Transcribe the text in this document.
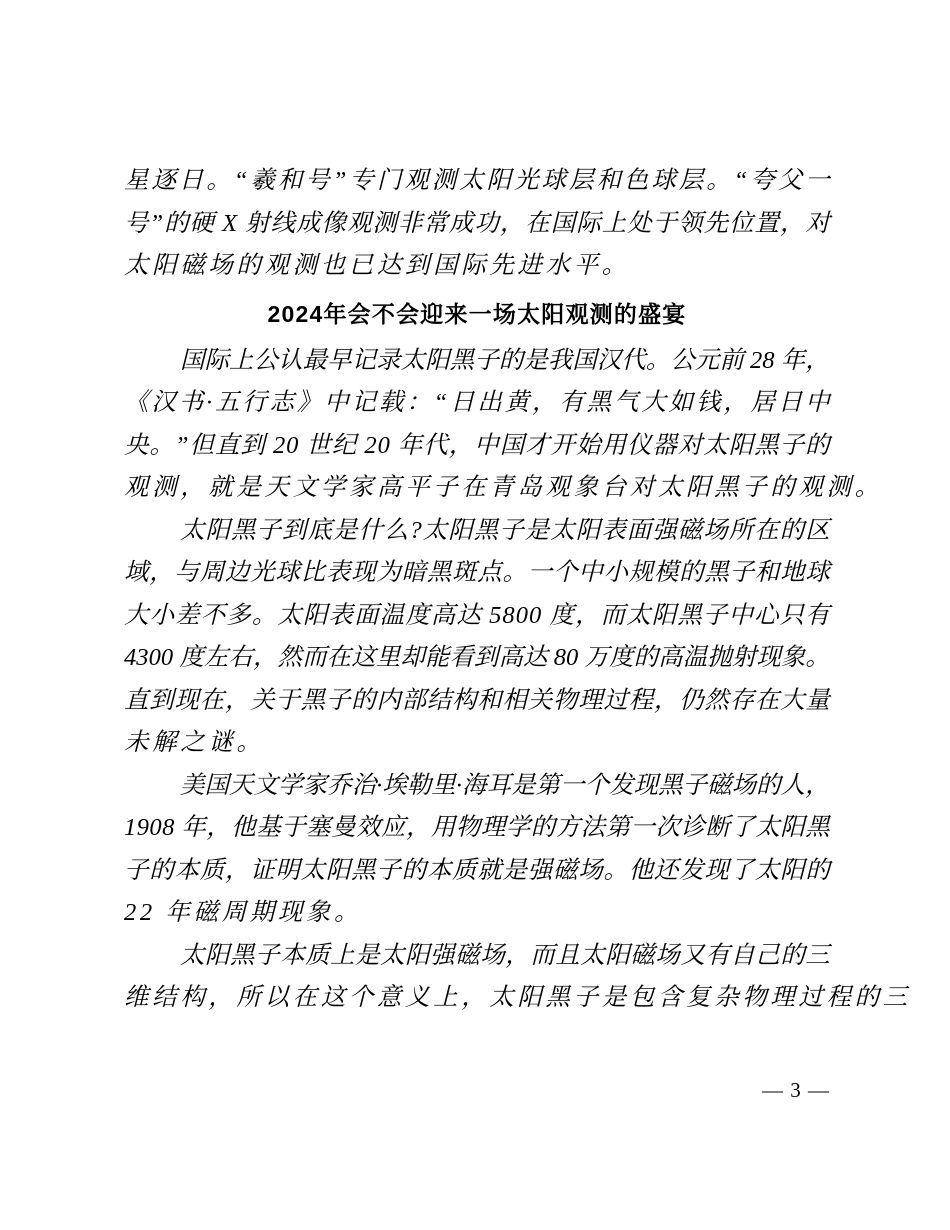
星 逐 日 。 “ 羲 和 号 ” 专 门 观 测 太 阳 光 球 层 和 色 球 层 。 “ 夸 父 一
号 ” 的 硬
X
射 线 成 像 观 测 非 常 成 功 ， 在 国 际 上 处 于 领 先 位 置 ， 对
太阳磁场的观测也已达到国际先进水平。
2024年会不会迎来一场太阳观测的盛宴
国 际 上 公 认 最 早 记 录 太 阳 黑 子 的 是 我 国 汉 代 。 公 元 前
2 8
年 ，
《 汉 书 · 五 行 志 》 中 记 载 ： “ 日 出 黄 ， 有 黑 气 大 如 钱 ， 居 日 中
央 。 ” 但 直 到
2 0
世 纪
2 0
年 代 ， 中 国 才 开 始 用 仪 器 对 太 阳 黑 子 的
观测，就是天文学家高平子在青岛观象台对太阳黑子的观测。
太 阳 黑 子 到 底 是 什 么 ? 太 阳 黑 子 是 太 阳 表 面 强 磁 场 所 在 的 区
域 ， 与 周 边 光 球 比 表 现 为 暗 黑 斑 点 。 一 个 中 小 规 模 的 黑 子 和 地 球
大 小 差 不 多 。 太 阳 表 面 温 度 高 达
5 8 0 0
度 ， 而 太 阳 黑 子 中 心 只 有
4 3 0 0
度 左 右 ， 然 而 在 这 里 却 能 看 到 高 达
8 0
万 度 的 高 温 抛 射 现 象 。
直 到 现 在 ， 关 于 黑 子 的 内 部 结 构 和 相 关 物 理 过 程 ， 仍 然 存 在 大 量
未解之谜。
美 国 天 文 学 家 乔 治 · 埃 勒 里 · 海 耳 是 第 一 个 发 现 黑 子 磁 场 的 人 ，
1 9 0 8
年 ， 他 基 于 塞 曼 效 应 ， 用 物 理 学 的 方 法 第 一 次 诊 断 了 太 阳 黑
子 的 本 质 ， 证 明 太 阳 黑 子 的 本 质 就 是 强 磁 场 。 他 还 发 现 了 太 阳 的
22 年磁周期现象。
太 阳 黑 子 本 质 上 是 太 阳 强 磁 场 ， 而 且 太 阳 磁 场 又 有 自 己 的 三
维结构，所以在这个意义上，太阳黑子是包含复杂物理过程的三
— 3 —
